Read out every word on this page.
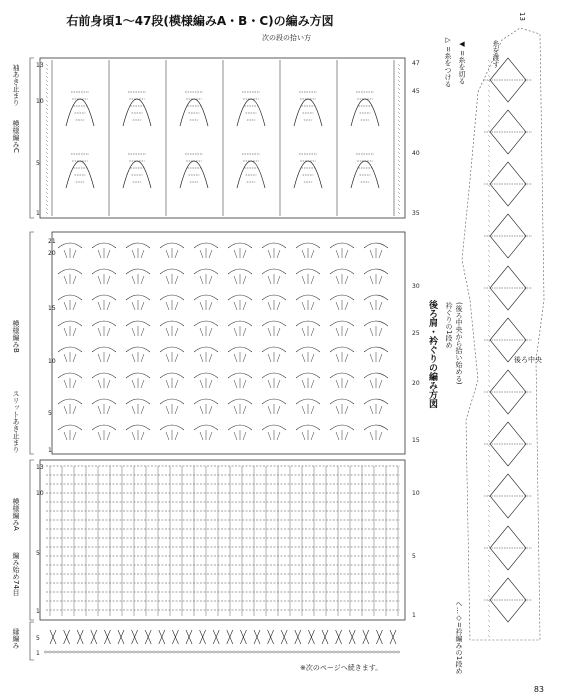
右前身頃1〜47段(模様編みA・B・C)の編み方図
次の段の拾い方
袖あき止まり
模様編みC
模様編みB
スリットあき止まり
模様編みA
編み始め74目
縁編み
13
10
5
1
21
20
15
10
5
1
13
10
5
1
5
1
47
45
40
35
30
25
20
15
10
5
1
▷ =糸をつける ◀ =糸を切る
後ろ肩・衿ぐりの編み方図
糸を渡す
13
衿ぐりの1段め (後ろ中央から拾い始める)	後ろ中央
へ…◇=衿編みの1段め
※次のページへ続きます。
83
